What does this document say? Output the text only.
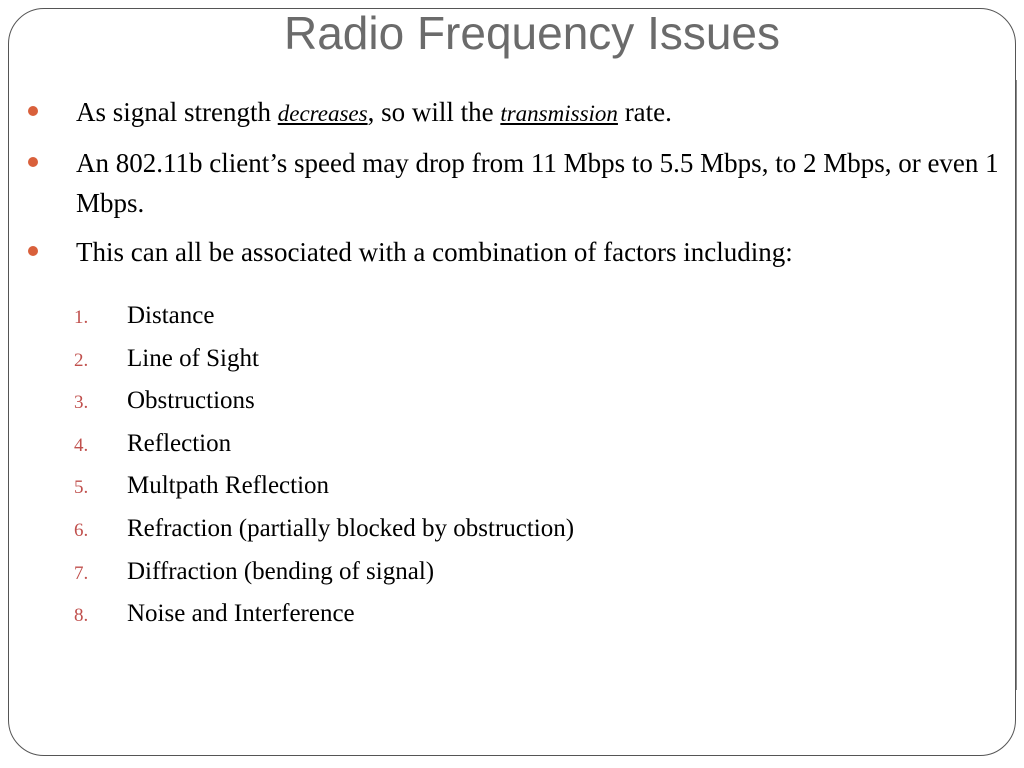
Radio Frequency Issues
As signal strength decreases, so will the transmission rate.
An 802.11b client’s speed may drop from 11 Mbps to 5.5 Mbps, to 2 Mbps, or even 1 Mbps.
This can all be associated with a combination of factors including:
1.	Distance
2.	Line of Sight
3.	Obstructions
4.	Reflection
5.	Multpath Reflection
6.	Refraction (partially blocked by obstruction)
7.	Diffraction (bending of signal)
8.	Noise and Interference
